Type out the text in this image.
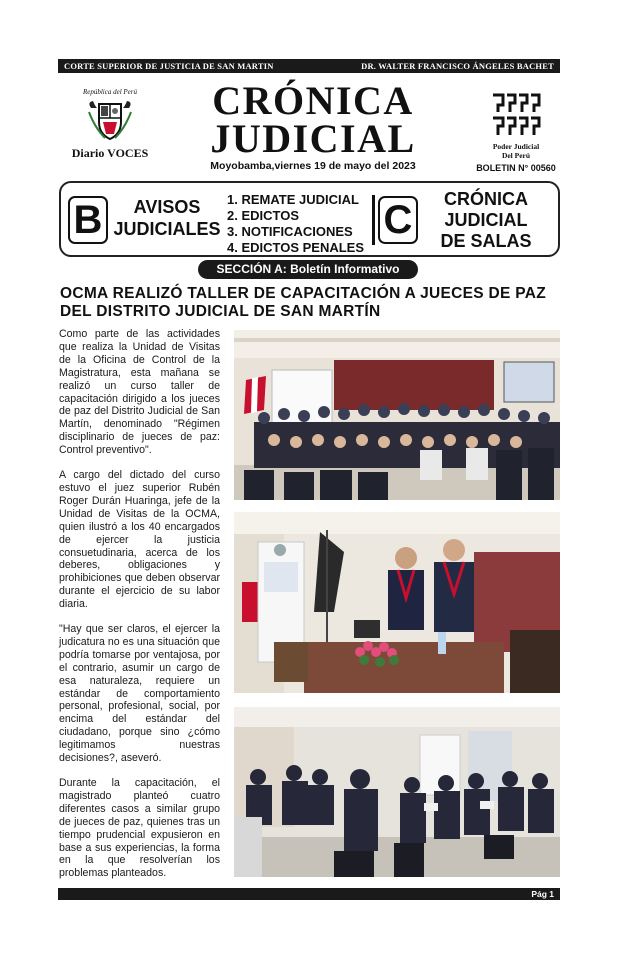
CORTE SUPERIOR DE JUSTICIA DE SAN MARTIN	DR. WALTER FRANCISCO ÁNGELES BACHET
República del Perú
Diario VOCES
CRÓNICA
JUDICIAL
Moyobamba,viernes 19 de mayo del 2023
Poder Judicial
Del Perú
BOLETIN N° 00560
B	AVISOS
JUDICIALES
1. REMATE JUDICIAL
2. EDICTOS
3. NOTIFICACIONES
4. EDICTOS PENALES
C	CRÓNICA
JUDICIAL
DE SALAS
SECCIÓN A: Boletín Informativo
OCMA REALIZÓ TALLER DE CAPACITACIÓN A JUECES DE PAZ
DEL DISTRITO JUDICIAL DE SAN MARTÍN

Como parte de las actividades que realiza la Unidad de Visitas de la Oficina de Control de la Magistratura, esta mañana se realizó un curso taller de capacitación dirigido a los jueces de paz del Distrito Judicial de San Martín, denominado "Régimen disciplinario de jueces de paz: Control preventivo".

A cargo del dictado del curso estuvo el juez superior Rubén Roger Durán Huaringa, jefe de la Unidad de Visitas de la OCMA, quien ilustró a los 40 encargados de ejercer la justicia consuetudinaria, acerca de los deberes, obligaciones y prohibiciones que deben observar durante el ejercicio de su labor diaria.

"Hay que ser claros, el ejercer la judicatura no es una situación que podría tomarse por ventajosa, por el contrario, asumir un cargo de esa naturaleza, requiere un estándar de comportamiento personal, profesional, social, por encima del estándar del ciudadano, porque sino ¿cómo legitimamos nuestras decisiones?, aseveró.

Durante la capacitación, el magistrado planteó cuatro diferentes casos a similar grupo de jueces de paz, quienes tras un tiempo prudencial expusieron en base a sus experiencias, la forma en la que resolverían los problemas planteados.

Pág 1
